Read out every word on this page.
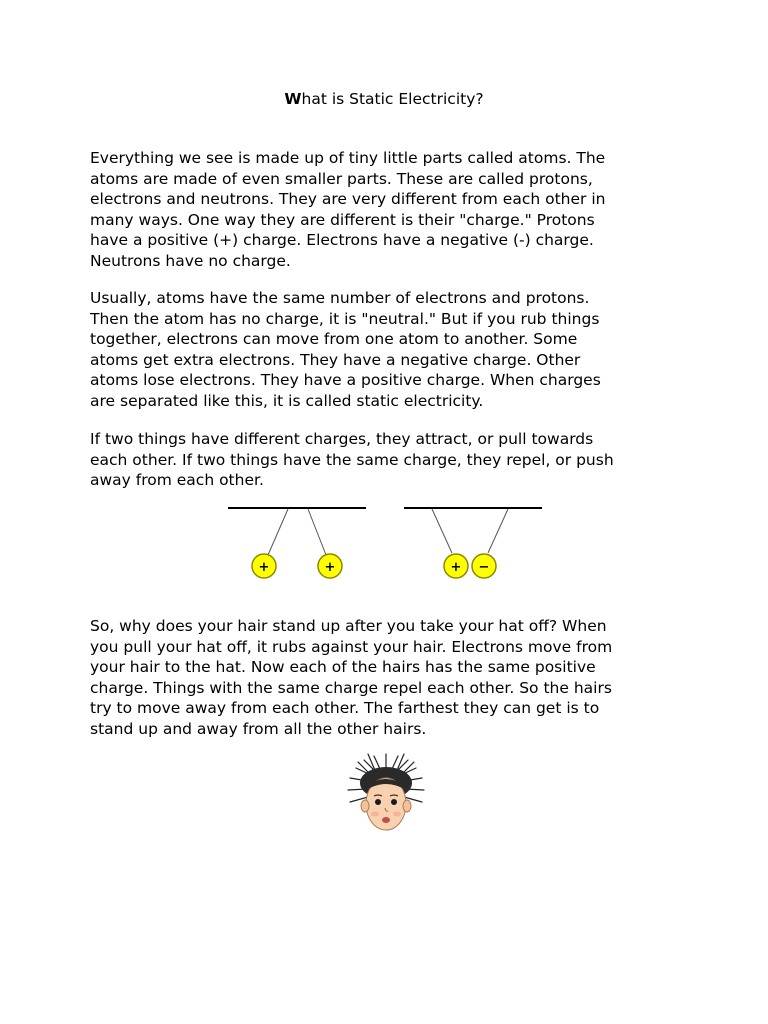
What is Static Electricity?
Everything we see is made up of tiny little parts called atoms. The
atoms are made of even smaller parts. These are called protons,
electrons and neutrons. They are very different from each other in
many ways. One way they are different is their "charge." Protons
have a positive (+) charge. Electrons have a negative (-) charge.
Neutrons have no charge.
Usually, atoms have the same number of electrons and protons.
Then the atom has no charge, it is "neutral." But if you rub things
together, electrons can move from one atom to another. Some
atoms get extra electrons. They have a negative charge. Other
atoms lose electrons. They have a positive charge. When charges
are separated like this, it is called static electricity.
If two things have different charges, they attract, or pull towards
each other. If two things have the same charge, they repel, or push
away from each other.
+	+	+ −
So, why does your hair stand up after you take your hat off? When
you pull your hat off, it rubs against your hair. Electrons move from
your hair to the hat. Now each of the hairs has the same positive
charge. Things with the same charge repel each other. So the hairs
try to move away from each other. The farthest they can get is to
stand up and away from all the other hairs.
